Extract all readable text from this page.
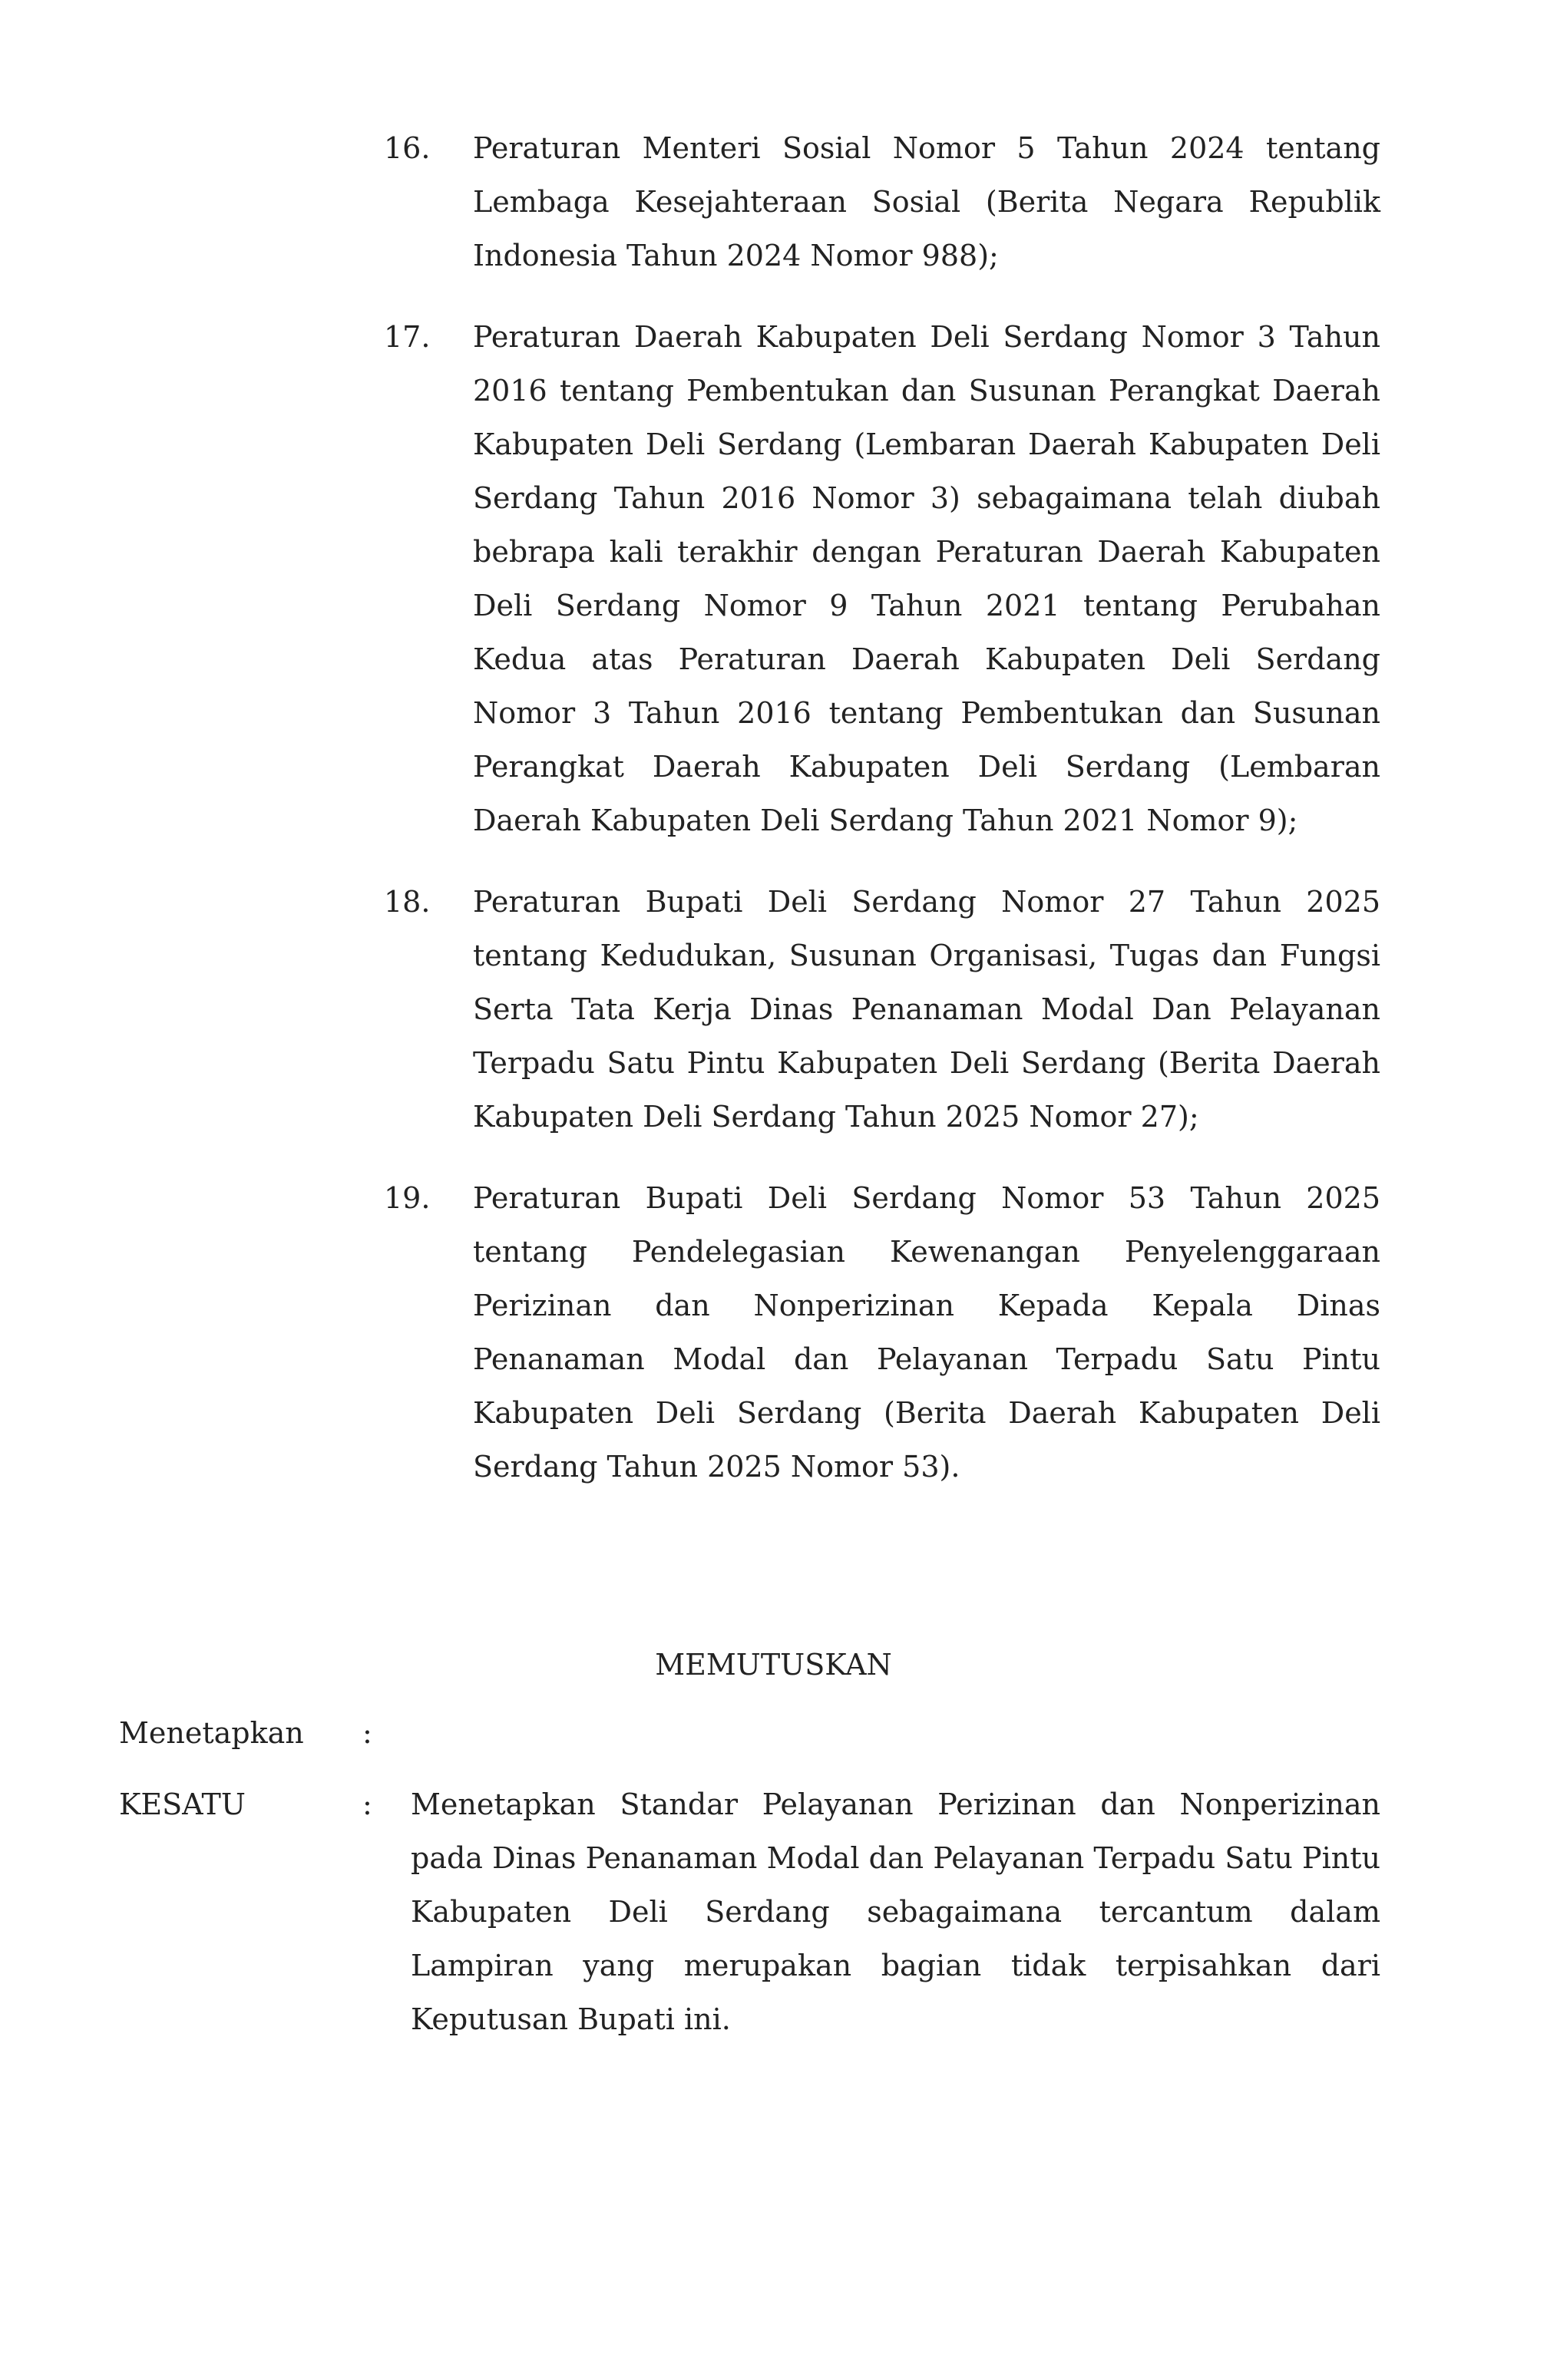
16. Peraturan Menteri Sosial Nomor 5 Tahun 2024 tentang Lembaga Kesejahteraan Sosial (Berita Negara Republik Indonesia Tahun 2024 Nomor 988);
17. Peraturan Daerah Kabupaten Deli Serdang Nomor 3 Tahun 2016 tentang Pembentukan dan Susunan Perangkat Daerah Kabupaten Deli Serdang (Lembaran Daerah Kabupaten Deli Serdang Tahun 2016 Nomor 3) sebagaimana telah diubah bebrapa kali terakhir dengan Peraturan Daerah Kabupaten Deli Serdang Nomor 9 Tahun 2021 tentang Perubahan Kedua atas Peraturan Daerah Kabupaten Deli Serdang Nomor 3 Tahun 2016 tentang Pembentukan dan Susunan Perangkat Daerah Kabupaten Deli Serdang (Lembaran Daerah Kabupaten Deli Serdang Tahun 2021 Nomor 9);
18. Peraturan Bupati Deli Serdang Nomor 27 Tahun 2025 tentang Kedudukan, Susunan Organisasi, Tugas dan Fungsi Serta Tata Kerja Dinas Penanaman Modal Dan Pelayanan Terpadu Satu Pintu Kabupaten Deli Serdang (Berita Daerah Kabupaten Deli Serdang Tahun 2025 Nomor 27);
19. Peraturan Bupati Deli Serdang Nomor 53 Tahun 2025 tentang Pendelegasian Kewenangan Penyelenggaraan Perizinan dan Nonperizinan Kepada Kepala Dinas Penanaman Modal dan Pelayanan Terpadu Satu Pintu Kabupaten Deli Serdang (Berita Daerah Kabupaten Deli Serdang Tahun 2025 Nomor 53).
MEMUTUSKAN
Menetapkan :
KESATU	: Menetapkan Standar Pelayanan Perizinan dan Nonperizinan pada Dinas Penanaman Modal dan Pelayanan Terpadu Satu Pintu Kabupaten Deli Serdang sebagaimana tercantum dalam Lampiran yang merupakan bagian tidak terpisahkan dari Keputusan Bupati ini.
